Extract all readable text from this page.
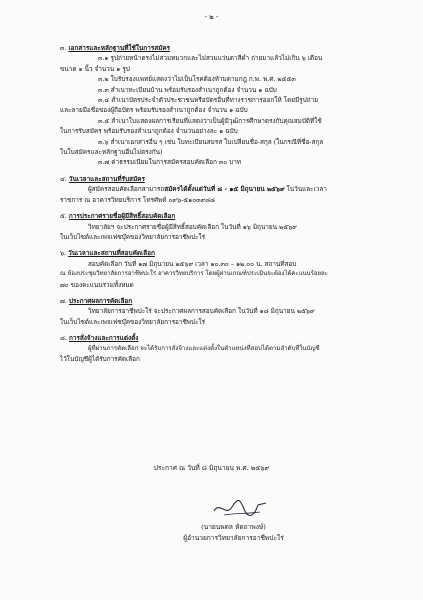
- ๒ -
๓. เอกสารและหลักฐานที่ใช้ในการสมัคร
๓.๑ รูปถ่ายหน้าตรงไม่สวมหมวกและไม่สวมแว่นตาสีดำ ถ่ายมาแล้วไม่เกิน ๖ เดือน
ขนาด ๑ นิ้ว จำนวน ๑ รูป
๓.๒ ใบรับรองแพทย์แสดงว่าไม่เป็นโรคต้องห้ามตามกฎ ก.พ. พ.ศ. ๒๕๕๓
๓.๓ สำเนาทะเบียนบ้าน พร้อมรับรองสำเนาถูกต้อง จำนวน ๑ ฉบับ
๓.๔ สำเนาบัตรประจำตัวประชาชนหรือบัตรอื่นที่ทางราชการออกให้ โดยมีรูปถ่าย
และลายมือชื่อของผู้ถือบัตร พร้อมรับรองสำเนาถูกต้อง จำนวน ๑ ฉบับ
๓.๕ สำเนาใบแสดงผลการเรียนที่แสดงว่าเป็นผู้มีวุฒิการศึกษาตรงกับคุณสมบัติที่ใช้
ในการรับสมัคร พร้อมรับรองสำเนาถูกต้อง จำนวนอย่างละ ๑ ฉบับ
๓.๖ สำเนาเอกสารอื่น ๆ เช่น ใบทะเบียนสมรส ใบเปลี่ยนชื่อ-สกุล (ในกรณีที่ชื่อ-สกุล
ในใบสมัครและหลักฐานอื่นไม่ตรงกัน)
๓.๗ ค่าธรรมเนียมในการสมัครสอบคัดเลือก ๓๐ บาท
๔. วันเวลาและสถานที่รับสมัคร
ผู้สมัครสอบคัดเลือกสามารถสมัครได้ตั้งแต่วันที่ ๘ - ๑๕ มิถุนายน ๒๕๖๙ ในวันและเวลา
ราชการ ณ อาคารวิทยบริการ โทรศัพท์ ๐๙๖-๕๑๐๓๙๘๘
๕. การประกาศรายชื่อผู้มีสิทธิ์สอบคัดเลือก
วิทยาลัยฯ จะประกาศรายชื่อผู้มีสิทธิ์สอบคัดเลือก ในวันที่ ๑๖ มิถุนายน ๒๕๖๙
ในเว็บไซต์และเพจเฟซบุ๊คของวิทยาลัยการอาชีพปะใร่
๖. วันเวลาและสถานที่สอบคัดเลือก
สอบคัดเลือก วันที่ ๑๗ มิถุนายน ๒๕๖๙ เวลา ๑๐.๓๐ – ๑๒.๐๐ น. สถานที่สอบ
ณ ห้องประชุมวิทยาลัยการอาชีพปะใร่ อาคารวิทยบริการ โดยผู้ผ่านเกณฑ์ประเมินจะต้องได้คะแนนร้อยละ
๗๐ ของคะแนนรวมทั้งหมด
๗. ประกาศผลการคัดเลือก
วิทยาลัยการอาชีพปะใร่ จะประกาศผลการสอบคัดเลือก ในวันที่ ๑๘ มิถุนายน ๒๕๖๙
ในเว็บไซต์และเพจเฟซบุ๊คของวิทยาลัยการอาชีพปะใร่
๘. การสั่งจ้างและการแต่งตั้ง
ผู้ที่ผ่านการคัดเลือก จะได้รับการสั่งจ้างและแต่งตั้งในตำแหน่งที่สอบได้ตามลำดับที่ในบัญชี
ไว้ในบัญชีผู้ได้รับการคัดเลือก
ประกาศ ณ วันที่ ๘ มิถุนายน พ.ศ. ๒๕๖๙
(นายนพดล หัดถาพงษ์)
ผู้อำนวยการวิทยาลัยการอาชีพปะใร่
